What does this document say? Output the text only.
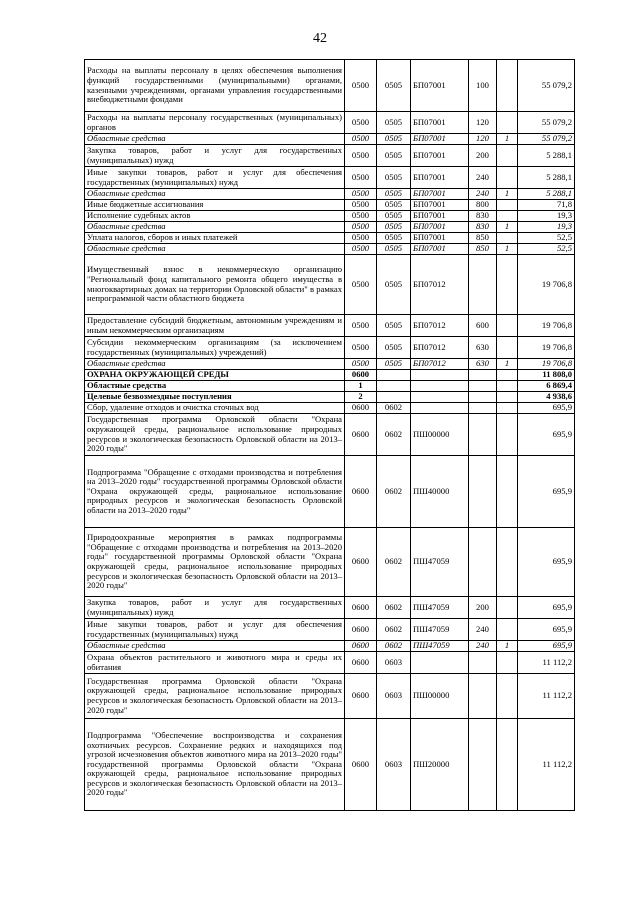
42
Расходы на выплаты персоналу в целях обеспечения выполнения функций государственными (муниципальными) органами, казенными учреждениями, органами управления государственными внебюджетными фондами	0500	0505	БП07001	100		55 079,2
Расходы на выплаты персоналу государственных (муниципальных) органов	0500	0505	БП07001	120		55 079,2
Областные средства	0500	0505	БП07001	120	1	55 079,2
Закупка товаров, работ и услуг для государственных (муниципальных) нужд	0500	0505	БП07001	200		5 288,1
Иные закупки товаров, работ и услуг для обеспечения государственных (муниципальных) нужд	0500	0505	БП07001	240		5 288,1
Областные средства	0500	0505	БП07001	240	1	5 288,1
Иные бюджетные ассигнования	0500	0505	БП07001	800		71,8
Исполнение судебных актов	0500	0505	БП07001	830		19,3
Областные средства	0500	0505	БП07001	830	1	19,3
Уплата налогов, сборов и иных платежей	0500	0505	БП07001	850		52,5
Областные средства	0500	0505	БП07001	850	1	52,5
Имущественный взнос в некоммерческую организацию "Региональный фонд капитального ремонта общего имущества в многоквартирных домах на территории Орловской области" в рамках непрограммной части областного бюджета	0500	0505	БП07012			19 706,8
Предоставление субсидий бюджетным, автономным учреждениям и иным некоммерческим организациям	0500	0505	БП07012	600		19 706,8
Субсидии некоммерческим организациям (за исключением государственных (муниципальных) учреждений)	0500	0505	БП07012	630		19 706,8
Областные средства	0500	0505	БП07012	630	1	19 706,8
ОХРАНА ОКРУЖАЮЩЕЙ СРЕДЫ	0600					11 808,0
Областные средства	1					6 869,4
Целевые безвозмездные поступления	2					4 938,6
Сбор, удаление отходов и очистка сточных вод	0600	0602				695,9
Государственная программа Орловской области "Охрана окружающей среды, рациональное использование природных ресурсов и экологическая безопасность Орловской области на 2013–2020 годы"	0600	0602	ПШ00000			695,9
Подпрограмма "Обращение с отходами производства и потребления на 2013–2020 годы" государственной программы Орловской области "Охрана окружающей среды, рациональное использование природных ресурсов и экологическая безопасность Орловской области на 2013–2020 годы"	0600	0602	ПШ40000			695,9
Природоохранные мероприятия в рамках подпрограммы "Обращение с отходами производства и потребления на 2013–2020 годы" государственной программы Орловской области "Охрана окружающей среды, рациональное использование природных ресурсов и экологическая безопасность Орловской области на 2013–2020 годы"	0600	0602	ПШ47059			695,9
Закупка товаров, работ и услуг для государственных (муниципальных) нужд	0600	0602	ПШ47059	200		695,9
Иные закупки товаров, работ и услуг для обеспечения государственных (муниципальных) нужд	0600	0602	ПШ47059	240		695,9
Областные средства	0600	0602	ПШ47059	240	1	695,9
Охрана объектов растительного и животного мира и среды их обитания	0600	0603				11 112,2
Государственная программа Орловской области "Охрана окружающей среды, рациональное использование природных ресурсов и экологическая безопасность Орловской области на 2013–2020 годы"	0600	0603	ПШ00000			11 112,2
Подпрограмма "Обеспечение воспроизводства и сохранения охотничьих ресурсов. Сохранение редких и находящихся под угрозой исчезновения объектов животного мира на 2013–2020 годы" государственной программы Орловской области "Охрана окружающей среды, рациональное использование природных ресурсов и экологическая безопасность Орловской области на 2013–2020 годы"	0600	0603	ПШ20000			11 112,2
